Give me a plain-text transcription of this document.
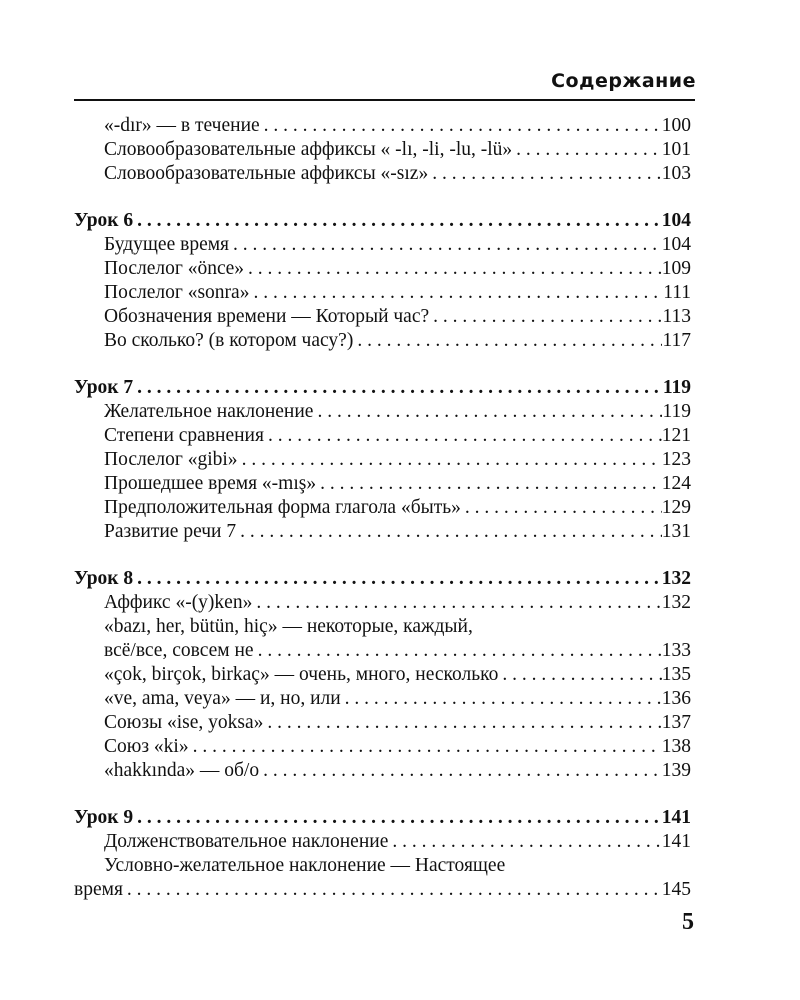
Содержание
«-dır» — в течение . . .	100
Словообразовательные аффиксы « -lı, -li, -lu, -lü» . . .	101
Словообразовательные аффиксы «-sız» . . .	103
Урок 6 . . .	104
Будущее время . . .	104
Послелог «önce» . . .	109
Послелог «sonra» . . .	111
Обозначения времени — Который час? . . .	113
Во сколько? (в котором часу?) . . .	117
Урок 7 . . .	119
Желательное наклонение . . .	119
Степени сравнения . . .	121
Послелог «gibi» . . .	123
Прошедшее время «-mış» . . .	124
Предположительная форма глагола «быть» . . .	129
Развитие речи 7 . . .	131
Урок 8 . . .	132
Аффикс «-(y)ken» . . .	132
«bazı, her, bütün, hiç» — некоторые, каждый,
всё/все, совсем не . . .	133
«çok, birçok, birkaç» — очень, много, несколько . . .	135
«ve, ama, veya» — и, но, или . . .	136
Союзы «ise, yoksa» . . .	137
Союз «ki» . . .	138
«hakkında» — об/о . . .	139
Урок 9 . . .	141
Долженствовательное наклонение . . .	141
Условно-желательное наклонение — Настоящее
время . . .	145
5
